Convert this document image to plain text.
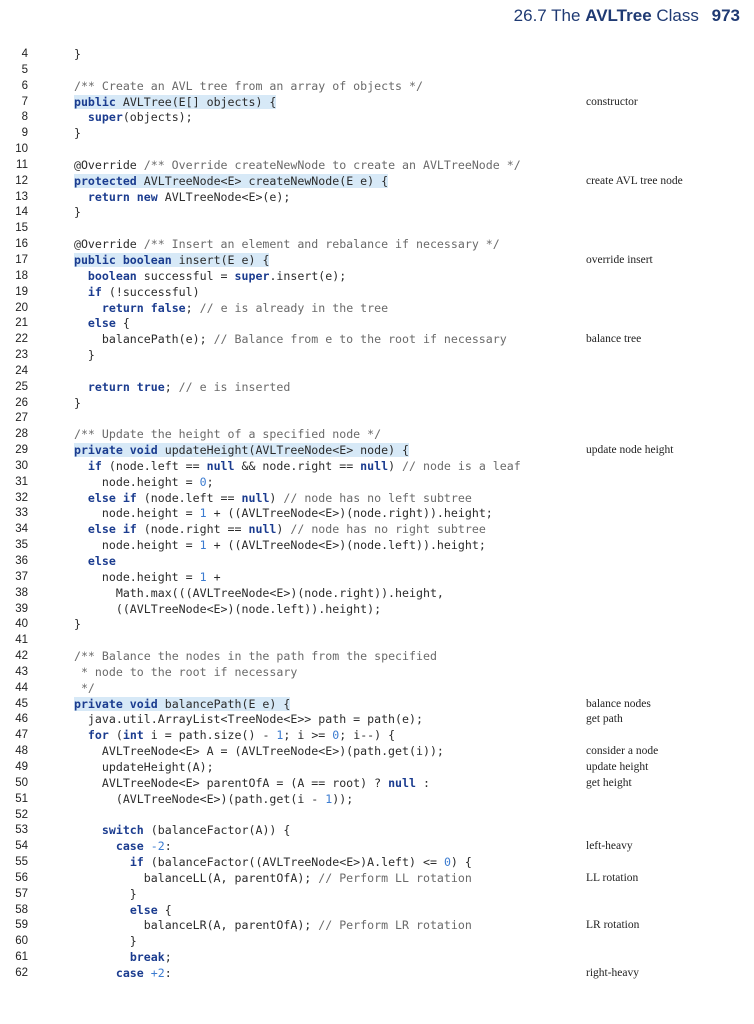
26.7 The AVLTree Class 973
4	}
5
6	/** Create an AVL tree from an array of objects */
7	public AVLTree(E[] objects) {	constructor
8	super(objects);
9	}
10
11	@Override /** Override createNewNode to create an AVLTreeNode */
12	protected AVLTreeNode<E> createNewNode(E e) {	create AVL tree node
13	return new AVLTreeNode<E>(e);
14	}
15
16	@Override /** Insert an element and rebalance if necessary */
17	public boolean insert(E e) {	override insert
18	boolean successful = super.insert(e);
19	if (!successful)
20	return false; // e is already in the tree
21	else {
22	balancePath(e); // Balance from e to the root if necessary	balance tree
23	}
24
25	return true; // e is inserted
26	}
27
28	/** Update the height of a specified node */
29	private void updateHeight(AVLTreeNode<E> node) {	update node height
30	if (node.left == null && node.right == null) // node is a leaf
31	node.height = 0;
32	else if (node.left == null) // node has no left subtree
33	node.height = 1 + ((AVLTreeNode<E>)(node.right)).height;
34	else if (node.right == null) // node has no right subtree
35	node.height = 1 + ((AVLTreeNode<E>)(node.left)).height;
36	else
37	node.height = 1 +
38	Math.max(((AVLTreeNode<E>)(node.right)).height,
39	((AVLTreeNode<E>)(node.left)).height);
40	}
41
42	/** Balance the nodes in the path from the specified
43	* node to the root if necessary
44	*/
45	private void balancePath(E e) {	balance nodes
46	java.util.ArrayList<TreeNode<E>> path = path(e);	get path
47	for (int i = path.size() - 1; i >= 0; i--) {
48	AVLTreeNode<E> A = (AVLTreeNode<E>)(path.get(i));	consider a node
49	updateHeight(A);	update height
50	AVLTreeNode<E> parentOfA = (A == root) ? null :	get height
51	(AVLTreeNode<E>)(path.get(i - 1));
52
53	switch (balanceFactor(A)) {
54	case -2:	left-heavy
55	if (balanceFactor((AVLTreeNode<E>)A.left) <= 0) {
56	balanceLL(A, parentOfA); // Perform LL rotation	LL rotation
57	}
58	else {
59	balanceLR(A, parentOfA); // Perform LR rotation	LR rotation
60	}
61	break;
62	case +2:	right-heavy
